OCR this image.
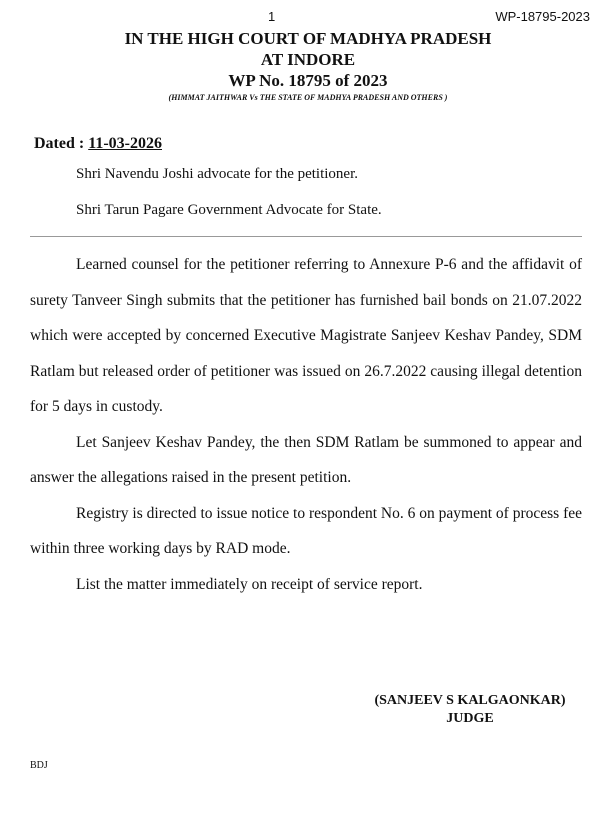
1	WP-18795-2023
IN THE HIGH COURT OF MADHYA PRADESH
AT INDORE
WP No. 18795 of 2023
(HIMMAT JAITHWAR Vs THE STATE OF MADHYA PRADESH AND OTHERS )
Dated : 11-03-2026
Shri Navendu Joshi advocate for the petitioner.
Shri Tarun Pagare Government Advocate for State.

Learned counsel for the petitioner referring to Annexure P-6 and the affidavit of surety Tanveer Singh submits that the petitioner has furnished bail bonds on 21.07.2022 which were accepted by concerned Executive Magistrate Sanjeev Keshav Pandey, SDM Ratlam but released order of petitioner was issued on 26.7.2022 causing illegal detention for 5 days in custody.

Let Sanjeev Keshav Pandey, the then SDM Ratlam be summoned to appear and answer the allegations raised in the present petition.

Registry is directed to issue notice to respondent No. 6 on payment of process fee within three working days by RAD mode.

List the matter immediately on receipt of service report.

(SANJEEV S KALGAONKAR)
JUDGE
BDJ
